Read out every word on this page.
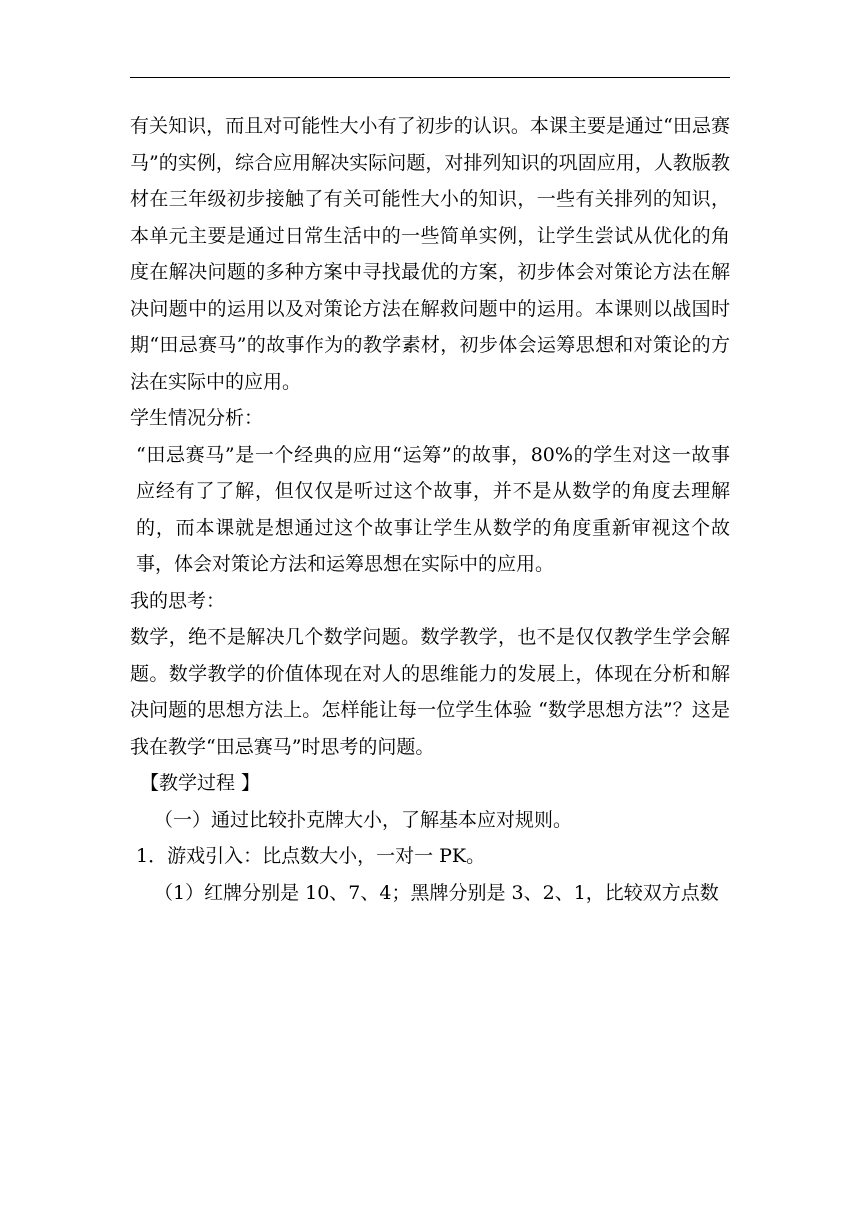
有关知识，而且对可能性大小有了初步的认识。本课主要是通过“田忌赛马”的实例，综合应用解决实际问题，对排列知识的巩固应用，人教版教材在三年级初步接触了有关可能性大小的知识，一些有关排列的知识，本单元主要是通过日常生活中的一些简单实例，让学生尝试从优化的角度在解决问题的多种方案中寻找最优的方案，初步体会对策论方法在解决问题中的运用以及对策论方法在解救问题中的运用。本课则以战国时期“田忌赛马”的故事作为的教学素材，初步体会运筹思想和对策论的方法在实际中的应用。

学生情况分析：

“田忌赛马”是一个经典的应用“运筹”的故事，80%的学生对这一故事应经有了了解，但仅仅是听过这个故事，并不是从数学的角度去理解的，而本课就是想通过这个故事让学生从数学的角度重新审视这个故事，体会对策论方法和运筹思想在实际中的应用。

我的思考：

数学，绝不是解决几个数学问题。数学教学，也不是仅仅教学生学会解题。数学教学的价值体现在对人的思维能力的发展上，体现在分析和解决问题的思想方法上。怎样能让每一位学生体验 “数学思想方法”？这是我在教学“田忌赛马”时思考的问题。

【教学过程 】

（一）通过比较扑克牌大小，了解基本应对规则。

1．游戏引入：比点数大小，一对一 PK。

（1）红牌分别是 10、7、4；黑牌分别是 3、2、1，比较双方点数
